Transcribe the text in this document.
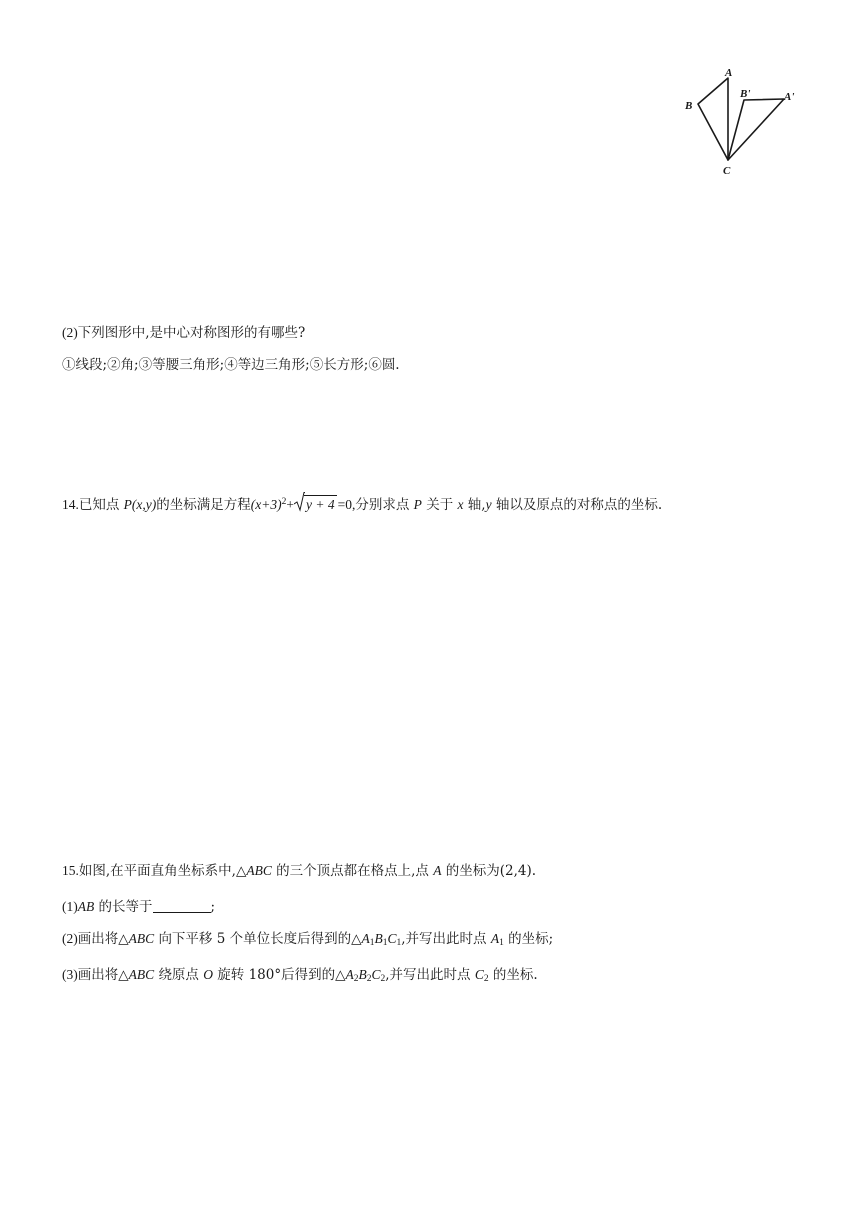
A
B
C
B'	A'
(2)下列图形中,是中心对称图形的有哪些?
①线段;②角;③等腰三角形;④等边三角形;⑤长方形;⑥圆.
14.已知点 P(x,y)的坐标满足方程$(x+3)^2+ y + 4 =0$,分别求点 P 关于 x 轴,y 轴以及原点的对称点的坐标.
15.如图,在平面直角坐标系中,△ABC 的三个顶点都在格点上,点 A 的坐标为(2,4).
(1)AB 的长等于	;
(2)画出将△ABC 向下平移 5 个单位长度后得到的$\triangle A_1B_1C_1$,并写出此时点 $A_1$ 的坐标;
(3)画出将△ABC 绕原点 O 旋转 180°后得到的$\triangle A_2B_2C_2$,并写出此时点 $C_2$ 的坐标.
